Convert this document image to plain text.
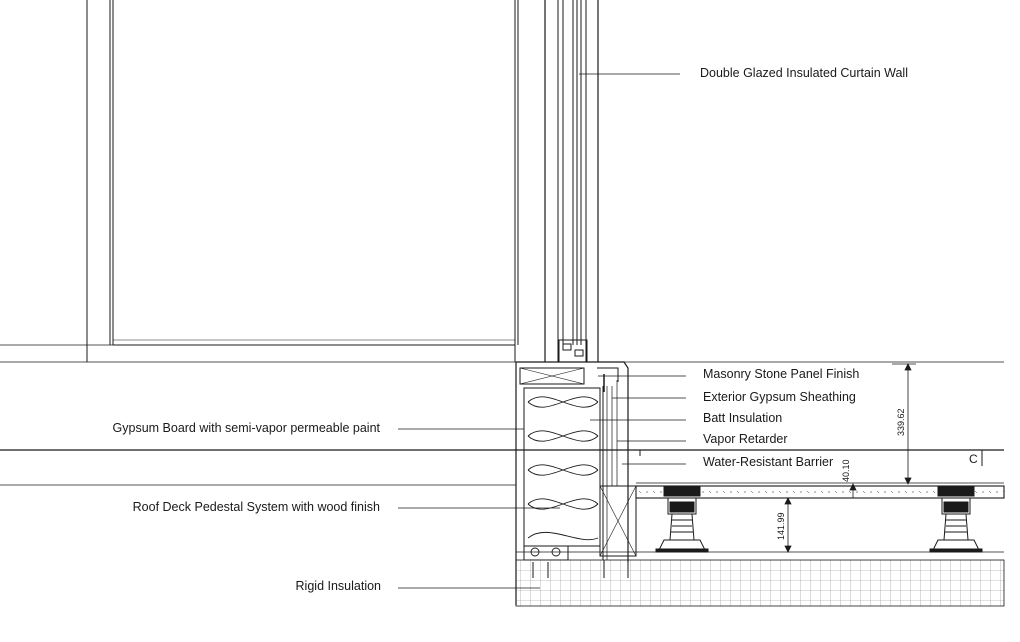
339.62
40.10
141.99
C
Double Glazed Insulated Curtain Wall
Masonry Stone Panel Finish
Exterior Gypsum Sheathing
Batt Insulation
Vapor Retarder
Water-Resistant Barrier
Gypsum Board with semi-vapor permeable paint
Roof Deck Pedestal System with wood finish
Rigid Insulation
